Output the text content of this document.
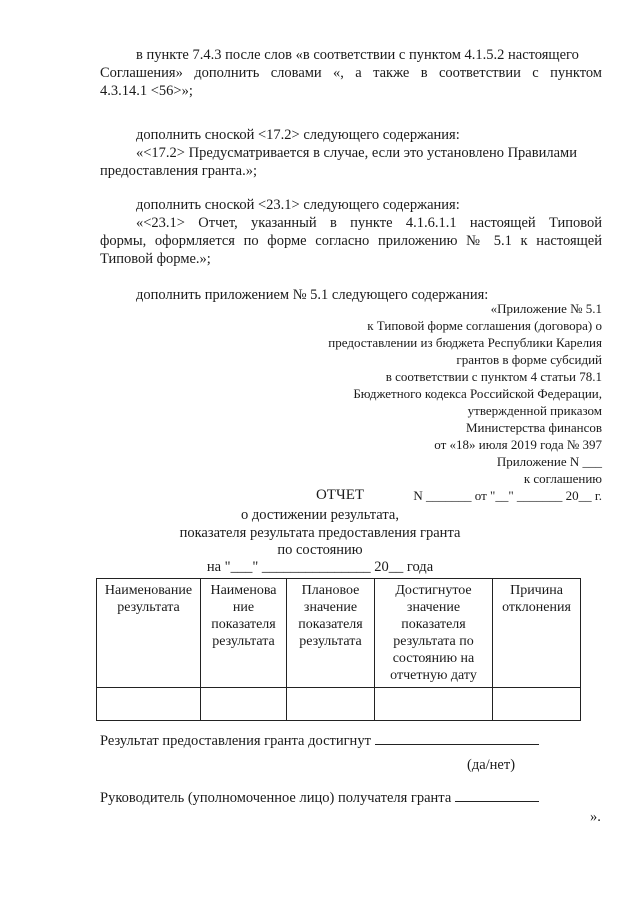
в пункте 7.4.3 после слов «в соответствии с пунктом 4.1.5.2 настоящего
Соглашения» дополнить словами «, а также в соответствии с пунктом
4.3.14.1 <56>»;
дополнить сноской <17.2> следующего содержания:
«<17.2> Предусматривается в случае, если это установлено Правилами
предоставления гранта.»;
дополнить сноской <23.1> следующего содержания:
«<23.1> Отчет, указанный в пункте 4.1.6.1.1 настоящей Типовой
формы, оформляется по форме согласно приложению № 5.1 к настоящей
Типовой форме.»;
дополнить приложением № 5.1 следующего содержания:
«Приложение № 5.1
к Типовой форме соглашения (договора) о
предоставлении из бюджета Республики Карелия
грантов в форме субсидий
в соответствии с пунктом 4 статьи 78.1
Бюджетного кодекса Российской Федерации,
утвержденной приказом
Министерства финансов
от «18» июля 2019 года № 397
Приложение N ___
к соглашению
N _______ от "__" _______ 20__ г.
ОТЧЕТ
о достижении результата,
показателя результата предоставления гранта
по состоянию
на "___" _______________ 20__ года
Наименование результата	Наименова ние показателя результата	Плановое значение показателя результата	Достигнутое значение показателя результата по состоянию на отчетную дату	Причина отклонения

Результат предоставления гранта достигнут
(да/нет)
Руководитель (уполномоченное лицо) получателя гранта
».
